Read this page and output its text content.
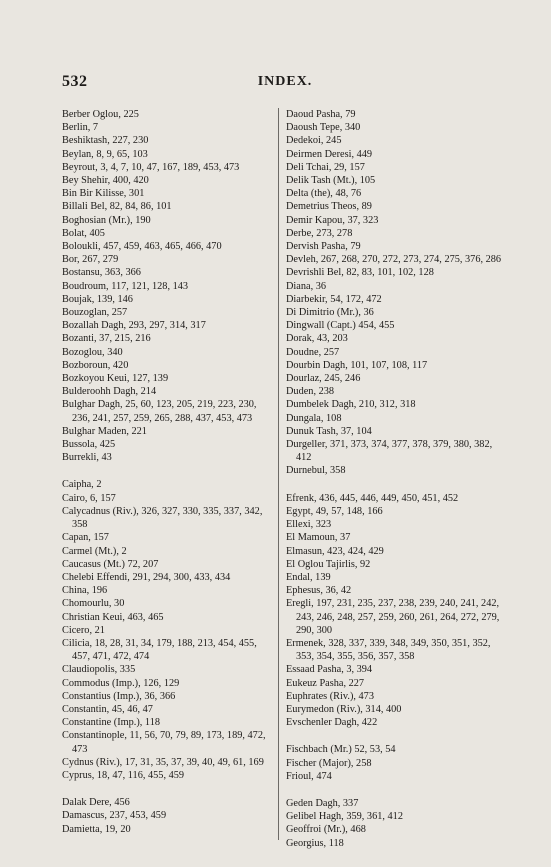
532	INDEX.
Berber Oglou, 225
Berlin, 7
Beshiktash, 227, 230
Beylan, 8, 9, 65, 103
Beyrout, 3, 4, 7, 10, 47, 167, 189, 453, 473
Bey Shehir, 400, 420
Bin Bir Kilisse, 301
Billali Bel, 82, 84, 86, 101
Boghosian (Mr.), 190
Bolat, 405
Boloukli, 457, 459, 463, 465, 466, 470
Bor, 267, 279
Bostansu, 363, 366
Boudroum, 117, 121, 128, 143
Boujak, 139, 146
Bouzoglan, 257
Bozallah Dagh, 293, 297, 314, 317
Bozanti, 37, 215, 216
Bozoglou, 340
Bozboroun, 420
Bozkoyou Keui, 127, 139
Bulderoohh Dagh, 214
Bulghar Dagh, 25, 60, 123, 205, 219, 223, 230, 236, 241, 257, 259, 265, 288, 437, 453, 473
Bulghar Maden, 221
Bussola, 425
Burrekli, 43
Caipha, 2
Cairo, 6, 157
Calycadnus (Riv.), 326, 327, 330, 335, 337, 342, 358
Capan, 157
Carmel (Mt.), 2
Caucasus (Mt.) 72, 207
Chelebi Effendi, 291, 294, 300, 433, 434
China, 196
Chomourlu, 30
Christian Keui, 463, 465
Cicero, 21
Cilicia, 18, 28, 31, 34, 179, 188, 213, 454, 455, 457, 471, 472, 474
Claudiopolis, 335
Commodus (Imp.), 126, 129
Constantius (Imp.), 36, 366
Constantin, 45, 46, 47
Constantine (Imp.), 118
Constantinople, 11, 56, 70, 79, 89, 173, 189, 472, 473
Cydnus (Riv.), 17, 31, 35, 37, 39, 40, 49, 61, 169
Cyprus, 18, 47, 116, 455, 459
Dalak Dere, 456
Damascus, 237, 453, 459
Damietta, 19, 20
Daoud Pasha, 79
Daoush Tepe, 340
Dedekoi, 245
Deirmen Deresi, 449
Deli Tchai, 29, 157
Delik Tash (Mt.), 105
Delta (the), 48, 76
Demetrius Theos, 89
Demir Kapou, 37, 323
Derbe, 273, 278
Dervish Pasha, 79
Devleh, 267, 268, 270, 272, 273, 274, 275, 376, 286
Devrishli Bel, 82, 83, 101, 102, 128
Diana, 36
Diarbekir, 54, 172, 472
Di Dimitrio (Mr.), 36
Dingwall (Capt.) 454, 455
Dorak, 43, 203
Doudne, 257
Dourbin Dagh, 101, 107, 108, 117
Dourlaz, 245, 246
Duden, 238
Dumbelek Dagh, 210, 312, 318
Dungala, 108
Dunuk Tash, 37, 104
Durgeller, 371, 373, 374, 377, 378, 379, 380, 382, 412
Durnebul, 358
Efrenk, 436, 445, 446, 449, 450, 451, 452
Egypt, 49, 57, 148, 166
Ellexi, 323
El Mamoun, 37
Elmasun, 423, 424, 429
El Oglou Tajirlis, 92
Endal, 139
Ephesus, 36, 42
Eregli, 197, 231, 235, 237, 238, 239, 240, 241, 242, 243, 246, 248, 257, 259, 260, 261, 264, 272, 279, 290, 300
Ermenek, 328, 337, 339, 348, 349, 350, 351, 352, 353, 354, 355, 356, 357, 358
Essaad Pasha, 3, 394
Eukeuz Pasha, 227
Euphrates (Riv.), 473
Eurymedon (Riv.), 314, 400
Evschenler Dagh, 422
Fischbach (Mr.) 52, 53, 54
Fischer (Major), 258
Frioul, 474
Geden Dagh, 337
Gelibel Hagh, 359, 361, 412
Geoffroi (Mr.), 468
Georgius, 118
